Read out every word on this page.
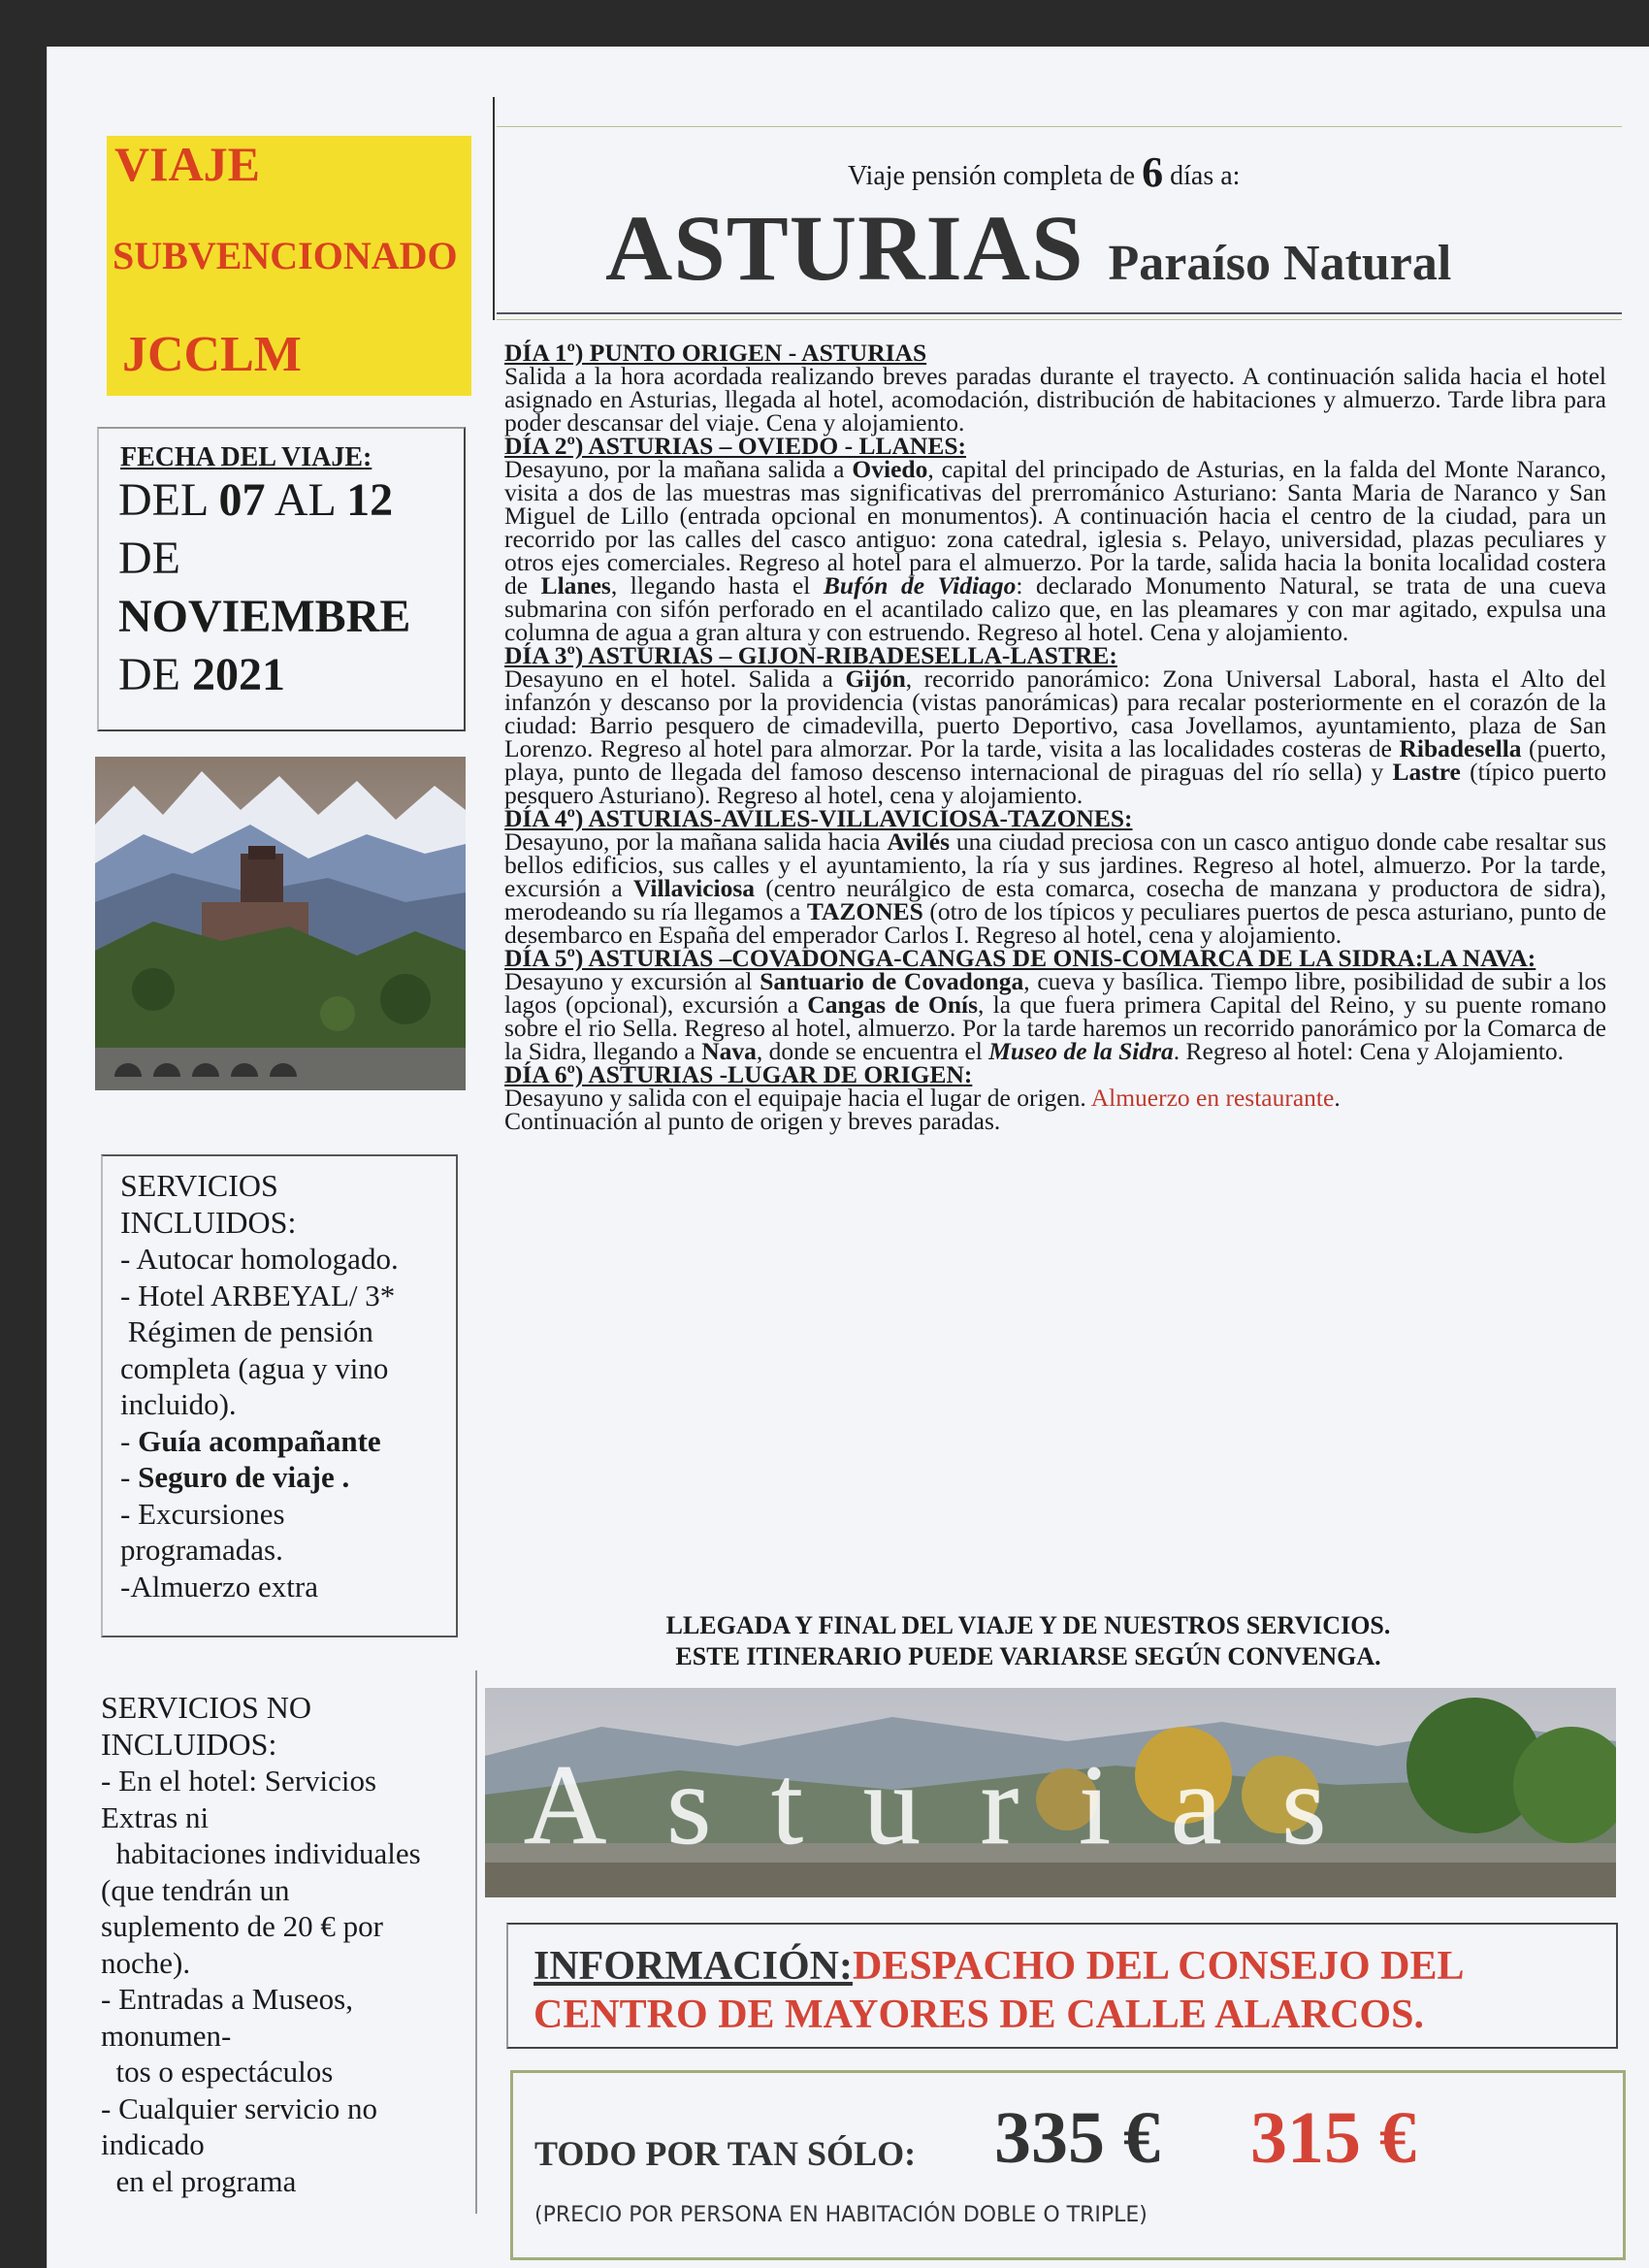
VIAJE
SUBVENCIONADO
JCCLM
FECHA DEL VIAJE:
DEL 07 AL 12
DE
NOVIEMBRE
DE 2021
SERVICIOS
INCLUIDOS:
- Autocar homologado.
- Hotel ARBEYAL/ 3*
Régimen de pensión
completa (agua y vino
incluido).
- Guía acompañante
- Seguro de viaje .
- Excursiones
programadas.
-Almuerzo extra
SERVICIOS NO
INCLUIDOS:
- En el hotel: Servicios
Extras ni
habitaciones individuales
(que tendrán un
suplemento de 20 € por
noche).
- Entradas a Museos,
monumen-
tos o espectáculos
- Cualquier servicio no
indicado
en el programa
Viaje pensión completa de 6 días a:
ASTURIAS Paraíso Natural
DÍA 1º) PUNTO ORIGEN - ASTURIAS

Salida a la hora acordada realizando breves paradas durante el trayecto. A continuación salida hacia el hotel asignado en Asturias, llegada al hotel, acomodación, distribución de habitaciones y almuerzo. Tarde libra para poder descansar del viaje. Cena y alojamiento.

DÍA 2º) ASTURIAS – OVIEDO - LLANES:

Desayuno, por la mañana salida a Oviedo, capital del principado de Asturias, en la falda del Monte Naranco, visita a dos de las muestras mas significativas del prerrománico Asturiano: Santa Maria de Naranco y San Miguel de Lillo (entrada opcional en monumentos). A continuación hacia el centro de la ciudad, para un recorrido por las calles del casco antiguo: zona catedral, iglesia s. Pelayo, universidad, plazas peculiares y otros ejes comerciales. Regreso al hotel para el almuerzo. Por la tarde, salida hacia la bonita localidad costera de Llanes, llegando hasta el Bufón de Vidiago: declarado Monumento Natural, se trata de una cueva submarina con sifón perforado en el acantilado calizo que, en las pleamares y con mar agitado, expulsa una columna de agua a gran altura y con estruendo. Regreso al hotel. Cena y alojamiento.

DÍA 3º) ASTURIAS – GIJON-RIBADESELLA-LASTRE:

Desayuno en el hotel. Salida a Gijón, recorrido panorámico: Zona Universal Laboral, hasta el Alto del infanzón y descanso por la providencia (vistas panorámicas) para recalar posteriormente en el corazón de la ciudad: Barrio pesquero de cimadevilla, puerto Deportivo, casa Jovellamos, ayuntamiento, plaza de San Lorenzo. Regreso al hotel para almorzar. Por la tarde, visita a las localidades costeras de Ribadesella (puerto, playa, punto de llegada del famoso descenso internacional de piraguas del río sella) y Lastre (típico puerto pesquero Asturiano). Regreso al hotel, cena y alojamiento.

DÍA 4º) ASTURIAS-AVILES-VILLAVICIOSA-TAZONES:

Desayuno, por la mañana salida hacia Avilés una ciudad preciosa con un casco antiguo donde cabe resaltar sus bellos edificios, sus calles y el ayuntamiento, la ría y sus jardines. Regreso al hotel, almuerzo. Por la tarde, excursión a Villaviciosa (centro neurálgico de esta comarca, cosecha de manzana y productora de sidra), merodeando su ría llegamos a TAZONES (otro de los típicos y peculiares puertos de pesca asturiano, punto de desembarco en España del emperador Carlos I. Regreso al hotel, cena y alojamiento.

DÍA 5º) ASTURIAS –COVADONGA-CANGAS DE ONIS-COMARCA DE LA SIDRA:LA NAVA:

Desayuno y excursión al Santuario de Covadonga, cueva y basílica. Tiempo libre, posibilidad de subir a los lagos (opcional), excursión a Cangas de Onís, la que fuera primera Capital del Reino, y su puente romano sobre el rio Sella. Regreso al hotel, almuerzo. Por la tarde haremos un recorrido panorámico por la Comarca de la Sidra, llegando a Nava, donde se encuentra el Museo de la Sidra. Regreso al hotel: Cena y Alojamiento.

DÍA 6º) ASTURIAS -LUGAR DE ORIGEN:

Desayuno y salida con el equipaje hacia el lugar de origen. Almuerzo en restaurante.
Continuación al punto de origen y breves paradas.

LLEGADA Y FINAL DEL VIAJE Y DE NUESTROS SERVICIOS.
ESTE ITINERARIO PUEDE VARIARSE SEGÚN CONVENGA.
Asturias
INFORMACIÓN:DESPACHO DEL CONSEJO DEL
CENTRO DE MAYORES DE CALLE ALARCOS.
TODO POR TAN SÓLO: 335 € 315 €
(PRECIO POR PERSONA EN HABITACIÓN DOBLE O TRIPLE)
